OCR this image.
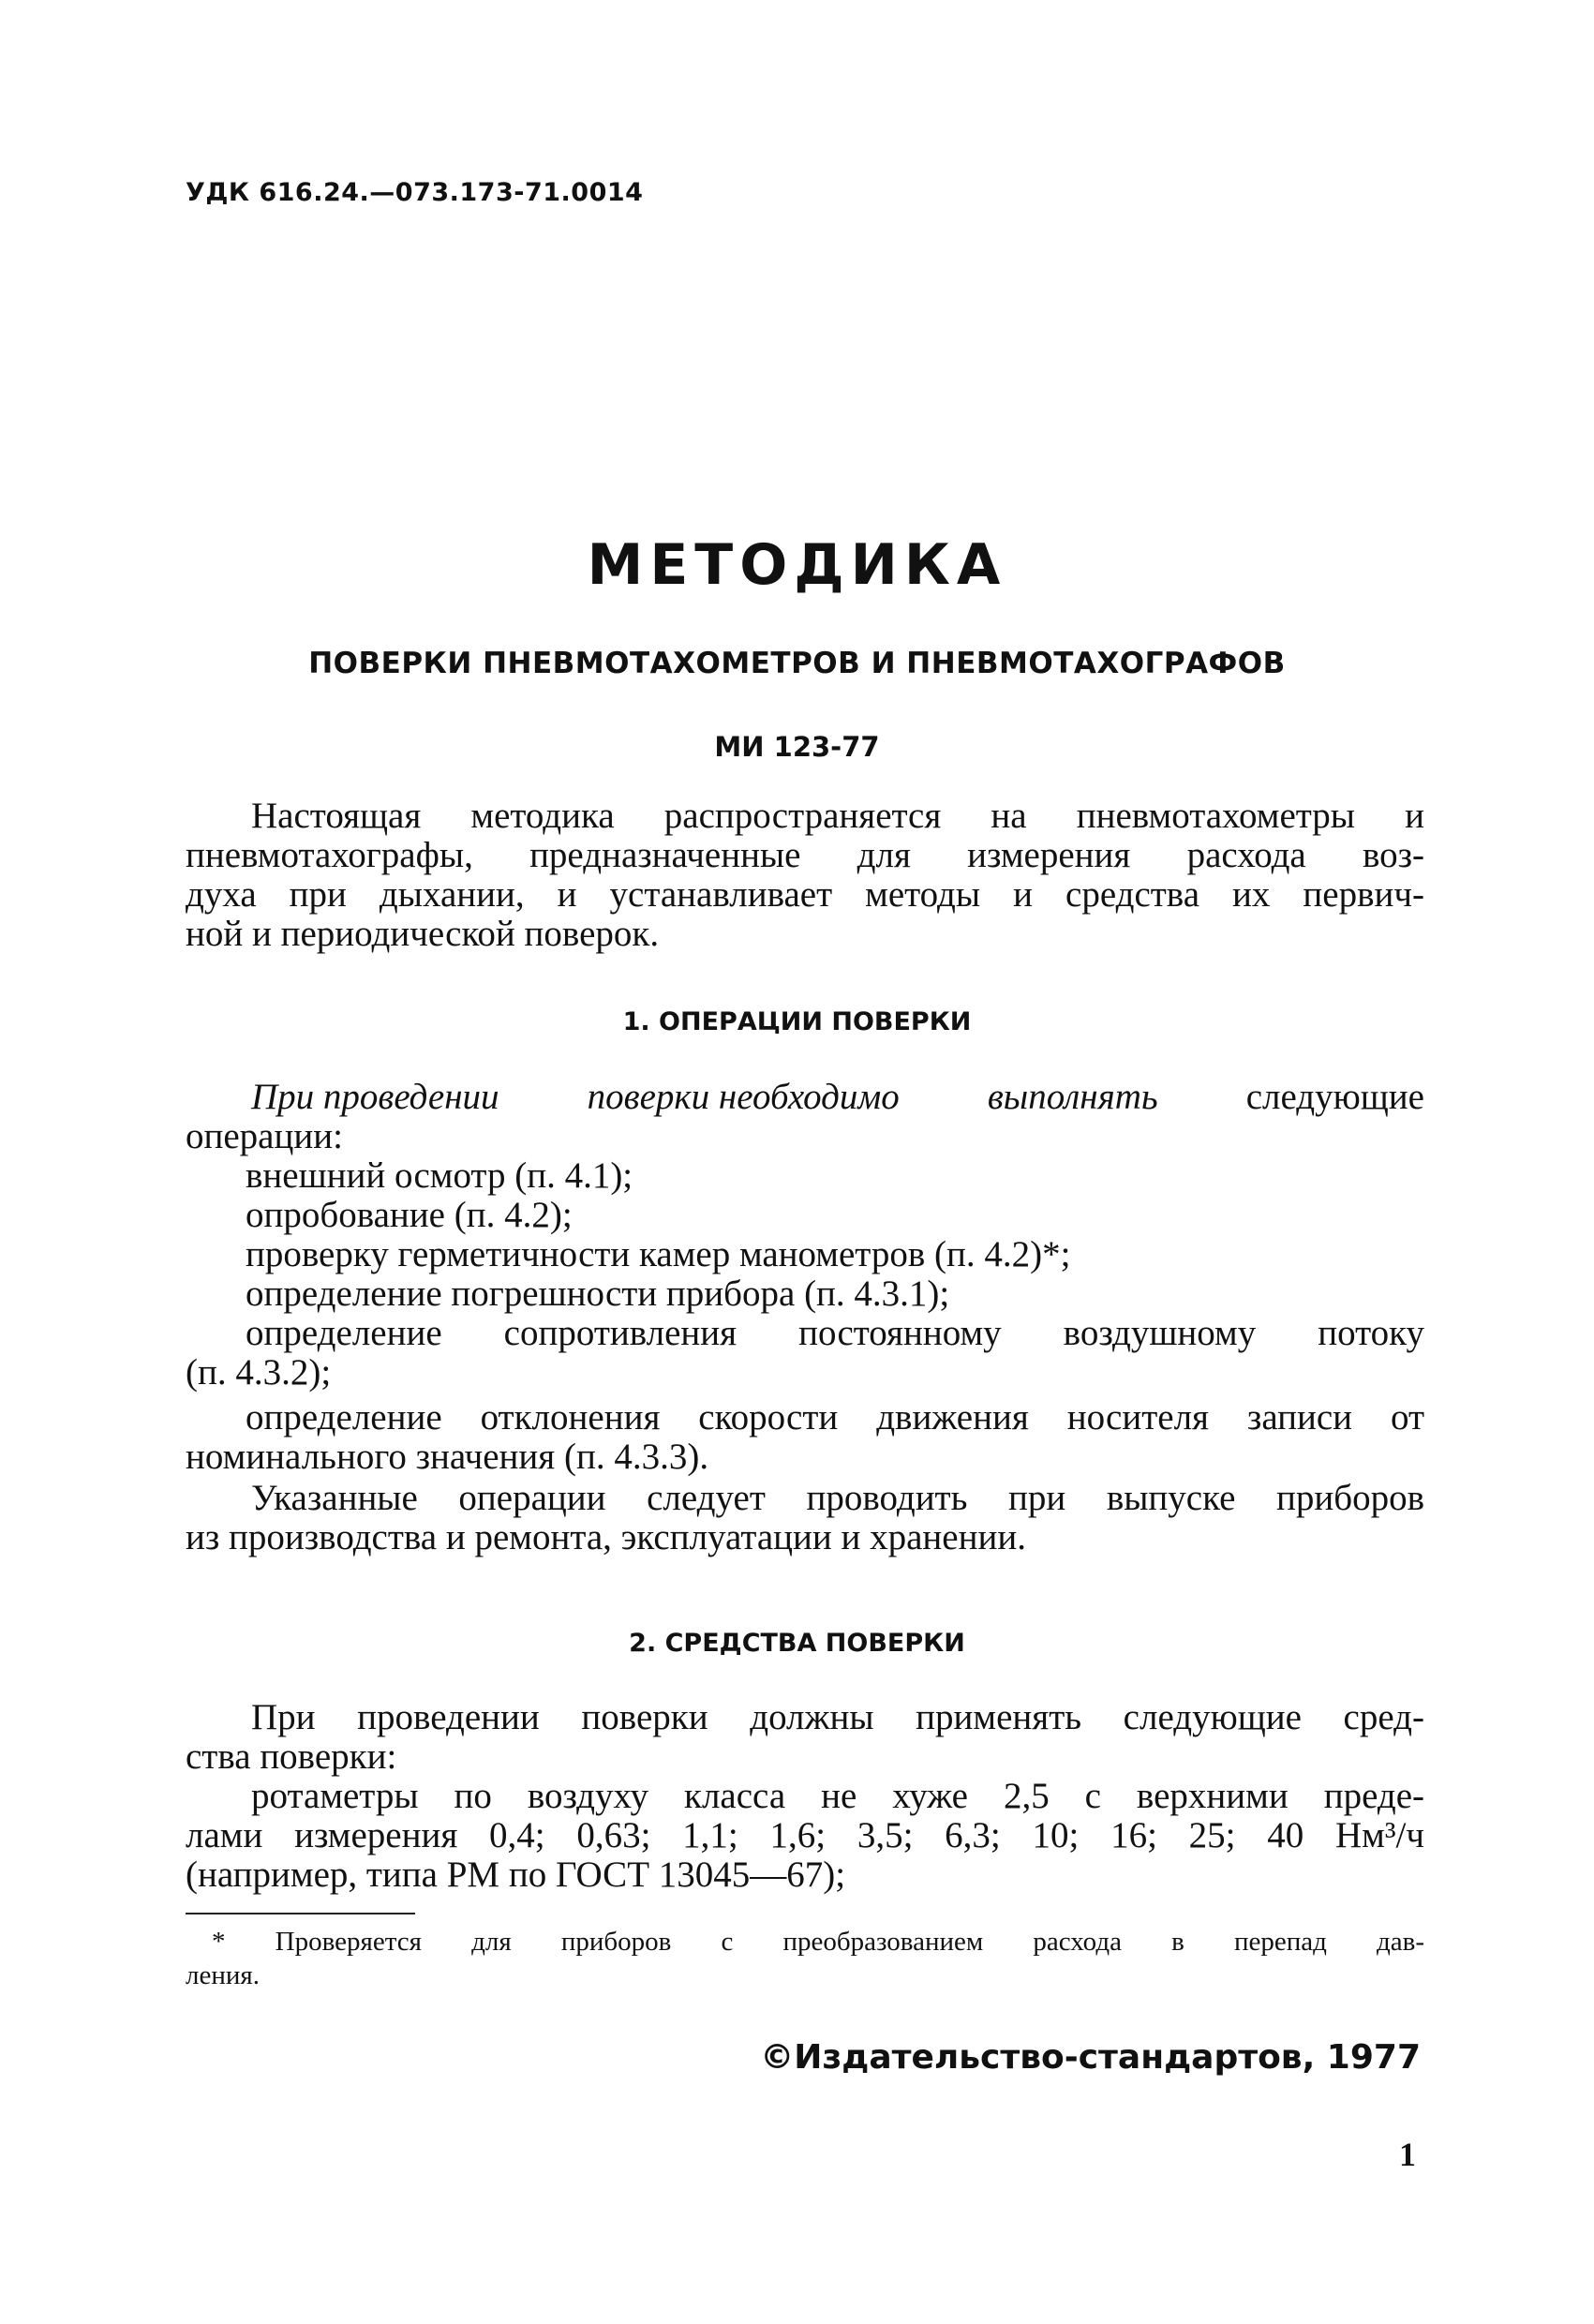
УДК 616.24.—073.173-71.0014
МЕТОДИКА
ПОВЕРКИ ПНЕВМОТАХОМЕТРОВ И ПНЕВМОТАХОГРАФОВ
МИ 123-77
Настоящая методика распространяется на пневмотахометры и
пневмотахографы, предназначенные для измерения расхода воз-
духа при дыхании, и устанавливает методы и средства их первич-
ной и периодической поверок.
1. ОПЕРАЦИИ ПОВЕРКИ
При проведении поверки необходимо выполнять следующие
операции:
внешний осмотр (п. 4.1);
опробование (п. 4.2);
проверку герметичности камер манометров (п. 4.2)*;
определение погрешности прибора (п. 4.3.1);
определение сопротивления постоянному воздушному потоку
(п. 4.3.2);
определение отклонения скорости движения носителя записи от
номинального значения (п. 4.3.3).
Указанные операции следует проводить при выпуске приборов
из производства и ремонта, эксплуатации и хранении.
2. СРЕДСТВА ПОВЕРКИ
При проведении поверки должны применять следующие сред-
ства поверки:
ротаметры по воздуху класса не хуже 2,5 с верхними преде-
лами измерения 0,4; 0,63; 1,1; 1,6; 3,5; 6,3; 10; 16; 25; 40 Нм³/ч
(например, типа РМ по ГОСТ 13045—67);
* Проверяется для приборов с преобразованием расхода в перепад дав-
ления.
©Издательство-стандартов, 1977
1
